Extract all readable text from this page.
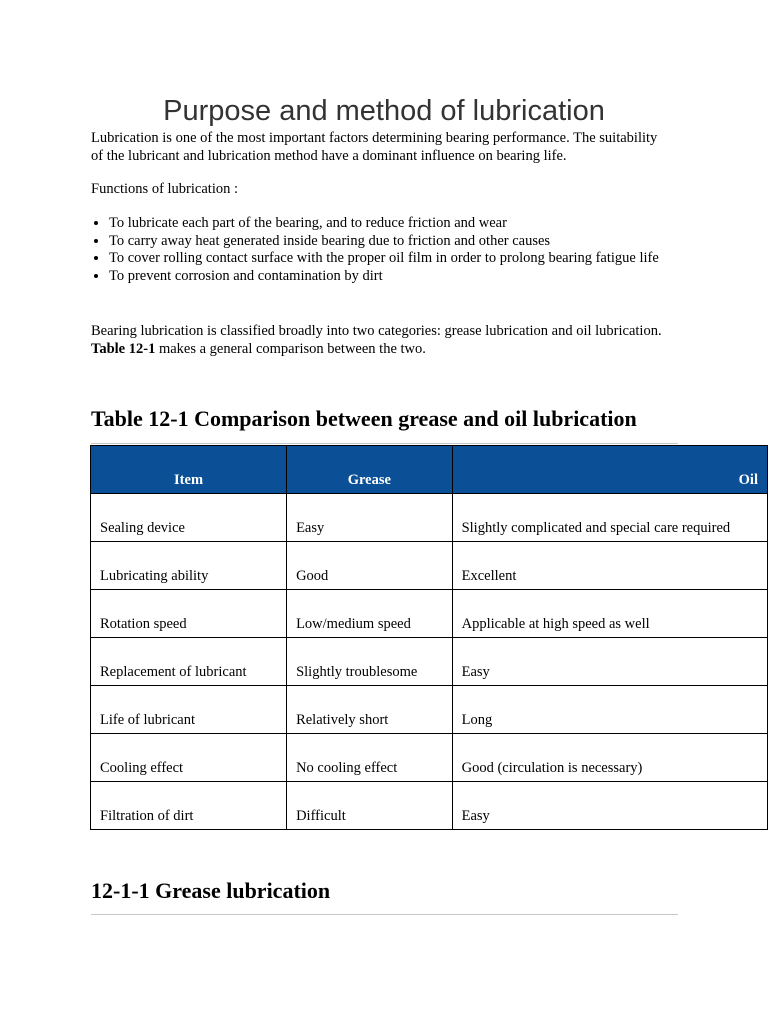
Purpose and method of lubrication

Lubrication is one of the most important factors determining bearing performance. The suitability of the lubricant and lubrication method have a dominant influence on bearing life.

Functions of lubrication :

• To lubricate each part of the bearing, and to reduce friction and wear
• To carry away heat generated inside bearing due to friction and other causes
• To cover rolling contact surface with the proper oil film in order to prolong bearing fatigue life
• To prevent corrosion and contamination by dirt

Bearing lubrication is classified broadly into two categories: grease lubrication and oil lubrication. Table 12-1 makes a general comparison between the two.

Table 12-1 Comparison between grease and oil lubrication
Item	Grease	Oil
Sealing device	Easy	Slightly complicated and special care required
Lubricating ability	Good	Excellent
Rotation speed	Low/medium speed	Applicable at high speed as well
Replacement of lubricant	Slightly troublesome	Easy
Life of lubricant	Relatively short	Long
Cooling effect	No cooling effect	Good (circulation is necessary)
Filtration of dirt	Difficult	Easy
12-1-1 Grease lubrication
